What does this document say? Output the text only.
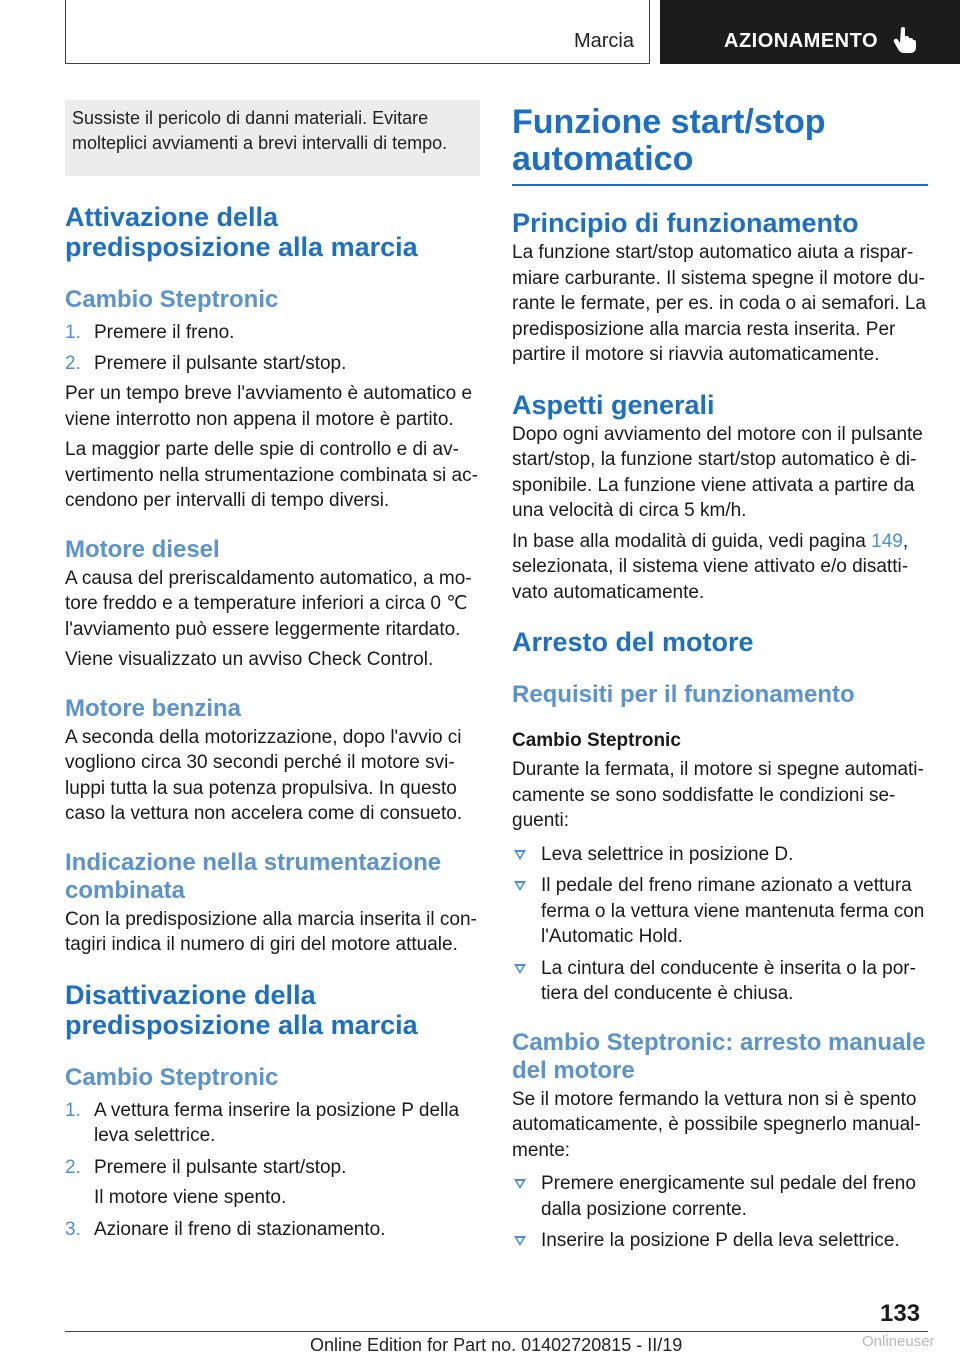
Marcia	AZIONAMENTO
Sussiste il pericolo di danni materiali. Evitare molteplici avviamenti a brevi intervalli di tempo.
Attivazione della predisposizione alla marcia
Cambio Steptronic
1. Premere il freno.
2. Premere il pulsante start/stop.

Per un tempo breve l'avviamento è automatico e viene interrotto non appena il motore è partito.

La maggior parte delle spie di controllo e di av-vertimento nella strumentazione combinata si ac-cendono per intervalli di tempo diversi.

Motore diesel

A causa del preriscaldamento automatico, a mo-tore freddo e a temperature inferiori a circa 0 ℃ l'avviamento può essere leggermente ritardato.

Viene visualizzato un avviso Check Control.

Motore benzina

A seconda della motorizzazione, dopo l'avvio ci vogliono circa 30 secondi perché il motore svi-luppi tutta la sua potenza propulsiva. In questo caso la vettura non accelera come di consueto.

Indicazione nella strumentazione combinata

Con la predisposizione alla marcia inserita il con-tagiri indica il numero di giri del motore attuale.

Disattivazione della predisposizione alla marcia
Cambio Steptronic
1. A vettura ferma inserire la posizione P della leva selettrice.
2. Premere il pulsante start/stop.
Il motore viene spento.
3. Azionare il freno di stazionamento.
Funzione start/stop automatico
Principio di funzionamento

La funzione start/stop automatico aiuta a rispar-miare carburante. Il sistema spegne il motore du-rante le fermate, per es. in coda o ai semafori. La predisposizione alla marcia resta inserita. Per partire il motore si riavvia automaticamente.

Aspetti generali

Dopo ogni avviamento del motore con il pulsante start/stop, la funzione start/stop automatico è di-sponibile. La funzione viene attivata a partire da una velocità di circa 5 km/h.

In base alla modalità di guida, vedi pagina 149, selezionata, il sistema viene attivato e/o disatti-vato automaticamente.

Arresto del motore
Requisiti per il funzionamento
Cambio Steptronic

Durante la fermata, il motore si spegne automati-camente se sono soddisfatte le condizioni se-guenti:

Leva selettrice in posizione D.
Il pedale del freno rimane azionato a vettura ferma o la vettura viene mantenuta ferma con l'Automatic Hold.
La cintura del conducente è inserita o la por-tiera del conducente è chiusa.
Cambio Steptronic: arresto manuale del motore

Se il motore fermando la vettura non si è spento automaticamente, è possibile spegnerlo manual-mente:

Premere energicamente sul pedale del freno dalla posizione corrente.
Inserire la posizione P della leva selettrice.
133
Online Edition for Part no. 01402720815 - II/19	Onlineuser
